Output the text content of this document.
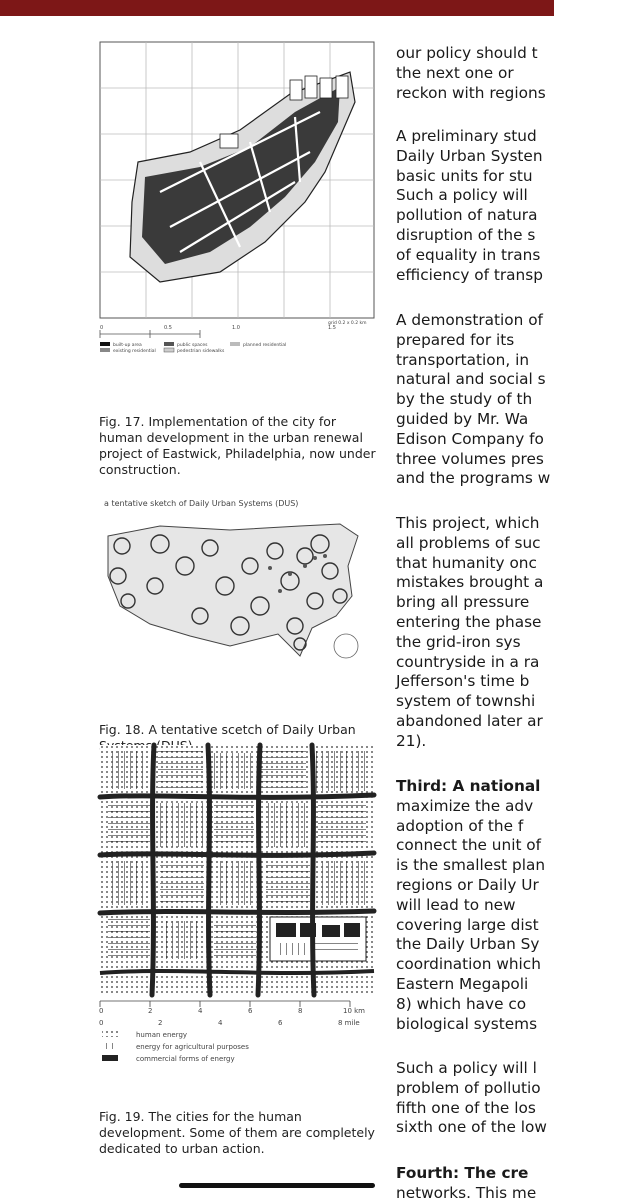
0	0.5	1.0	1.5
grid 0.2 x 0.2 km
built-up area	public spaces
existing residential	pedestrian sidewalks
planned residential

Fig. 17. Implementation of the city for human development in the urban renewal project of Eastwick, Philadelphia, now under construction.

a tentative sketch of Daily Urban Systems (DUS)

Fig. 18. A tentative scetch of Daily Urban

0	2	4	6	8	10 km
0	2	4	6	8 mile
human energy
energy for agricultural purposes
commercial forms of energy

Fig. 19. The cities for the human development. Some of them are completely dedicated to urban action.

our policy should t
the next one or
reckon with regions

A preliminary stud
Daily Urban Systen
basic units for stu
Such a policy will
pollution of natura
disruption of the s
of equality in trans
efficiency of transp

A demonstration of
prepared for its
transportation, in
natural and social s
by the study of th
guided by Mr. Wa
Edison Company fo
three volumes pres
and the programs w

This project, which
all problems of suc
that humanity onc
mistakes brought a
bring all pressure
entering the phase
the grid-iron sys
countryside in a ra
Jefferson's time b
system of townshi
abandoned later ar
21).

Third: A national
maximize the adv
adoption of the f
connect the unit of
is the smallest plan
regions or Daily Ur
will lead to new
covering large dist
the Daily Urban Sy
coordination which
Eastern Megapoli
8) which have co
biological systems

Such a policy will l
problem of pollutio
fifth one of the los
sixth one of the low

Fourth: The cre
networks. This me
